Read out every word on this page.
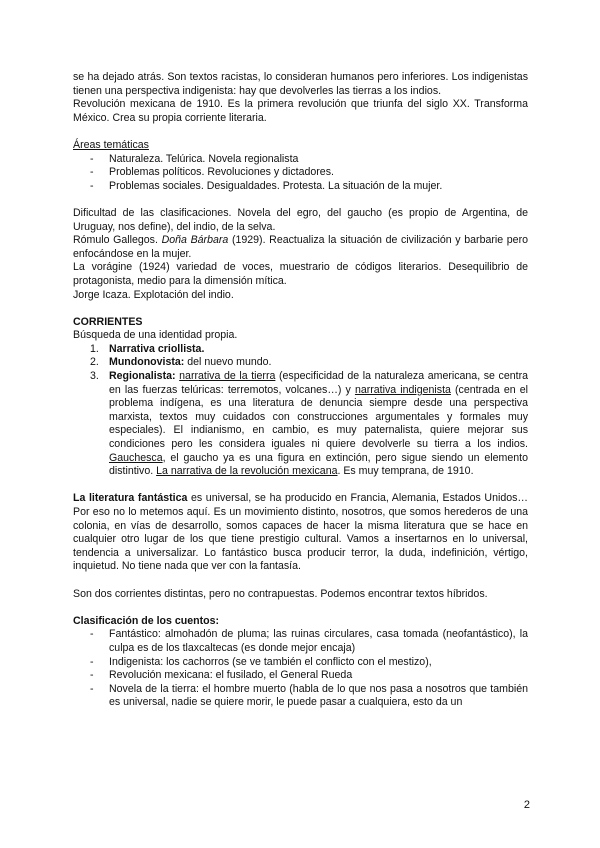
se ha dejado atrás. Son textos racistas, lo consideran humanos pero inferiores. Los indigenistas tienen una perspectiva indigenista: hay que devolverles las tierras a los indios.

Revolución mexicana de 1910. Es la primera revolución que triunfa del siglo XX. Transforma México. Crea su propia corriente literaria.

Áreas temáticas

- Naturaleza. Telúrica. Novela regionalista
- Problemas políticos. Revoluciones y dictadores.
- Problemas sociales. Desigualdades. Protesta. La situación de la mujer.

Dificultad de las clasificaciones. Novela del egro, del gaucho (es propio de Argentina, de Uruguay, nos define), del indio, de la selva.

Rómulo Gallegos. Doña Bárbara (1929). Reactualiza la situación de civilización y barbarie pero enfocándose en la mujer.

La vorágine (1924) variedad de voces, muestrario de códigos literarios. Desequilibrio de protagonista, medio para la dimensión mítica.

Jorge Icaza. Explotación del indio.

CORRIENTES

Búsqueda de una identidad propia.

1. Narrativa criollista.
2. Mundonovista: del nuevo mundo.
3. Regionalista: narrativa de la tierra (especificidad de la naturaleza americana, se centra en las fuerzas telúricas: terremotos, volcanes…) y narrativa indigenista (centrada en el problema indígena, es una literatura de denuncia siempre desde una perspectiva marxista, textos muy cuidados con construcciones argumentales y formales muy especiales). El indianismo, en cambio, es muy paternalista, quiere mejorar sus condiciones pero les considera iguales ni quiere devolverle su tierra a los indios. Gauchesca, el gaucho ya es una figura en extinción, pero sigue siendo un elemento distintivo. La narrativa de la revolución mexicana. Es muy temprana, de 1910.

La literatura fantástica es universal, se ha producido en Francia, Alemania, Estados Unidos… Por eso no lo metemos aquí. Es un movimiento distinto, nosotros, que somos herederos de una colonia, en vías de desarrollo, somos capaces de hacer la misma literatura que se hace en cualquier otro lugar de los que tiene prestigio cultural. Vamos a insertarnos en lo universal, tendencia a universalizar. Lo fantástico busca producir terror, la duda, indefinición, vértigo, inquietud. No tiene nada que ver con la fantasía.

Son dos corrientes distintas, pero no contrapuestas. Podemos encontrar textos híbridos.

Clasificación de los cuentos:

- Fantástico: almohadón de pluma; las ruinas circulares, casa tomada (neofantástico), la culpa es de los tlaxcaltecas (es donde mejor encaja)
- Indigenista: los cachorros (se ve también el conflicto con el mestizo),
- Revolución mexicana: el fusilado, el General Rueda
- Novela de la tierra: el hombre muerto (habla de lo que nos pasa a nosotros que también es universal, nadie se quiere morir, le puede pasar a cualquiera, esto da un
2
